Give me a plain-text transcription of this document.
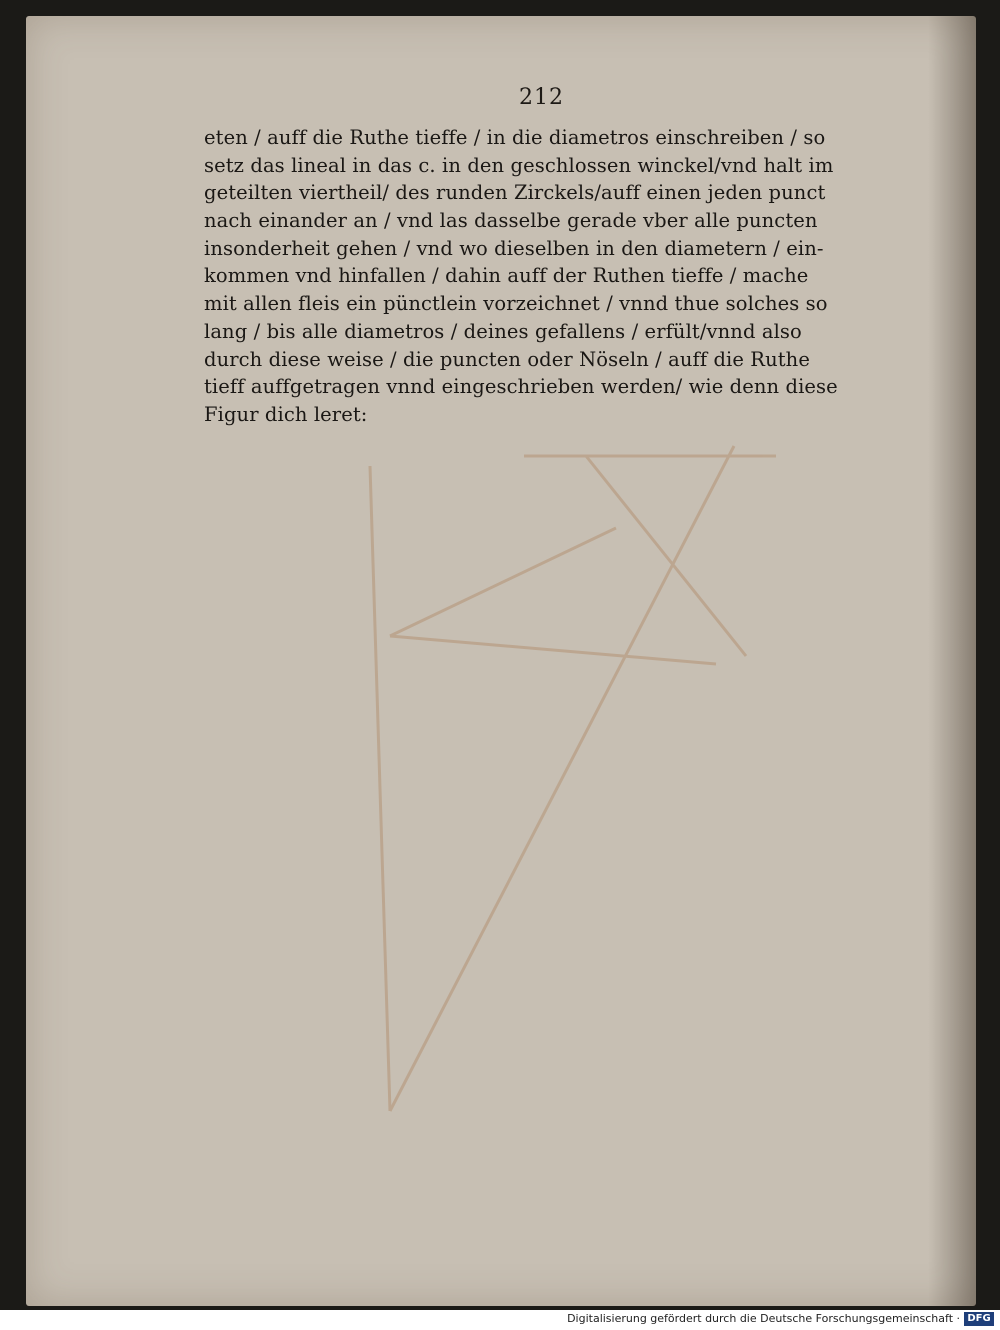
212
eten / auff die Ruthe tieffe / in die diametros einschreiben / so
setz das lineal in das c. in den geschlossen winckel/vnd halt im
geteilten viertheil/ des runden Zirckels/auff einen jeden punct
nach einander an / vnd las dasselbe gerade vber alle puncten
insonderheit gehen / vnd wo dieselben in den diametern / ein-
kommen vnd hinfallen / dahin auff der Ruthen tieffe / mache
mit allen fleis ein pünctlein vorzeichnet / vnnd thue solches so
lang / bis alle diametros / deines gefallens / erfült/vnnd also
durch diese weise / die puncten oder Nöseln / auff die Ruthe
tieff auffgetragen vnnd eingeschrieben werden/ wie denn diese
Figur dich leret:
Digitalisierung gefördert durch die Deutsche Forschungsgemeinschaft · DFG
